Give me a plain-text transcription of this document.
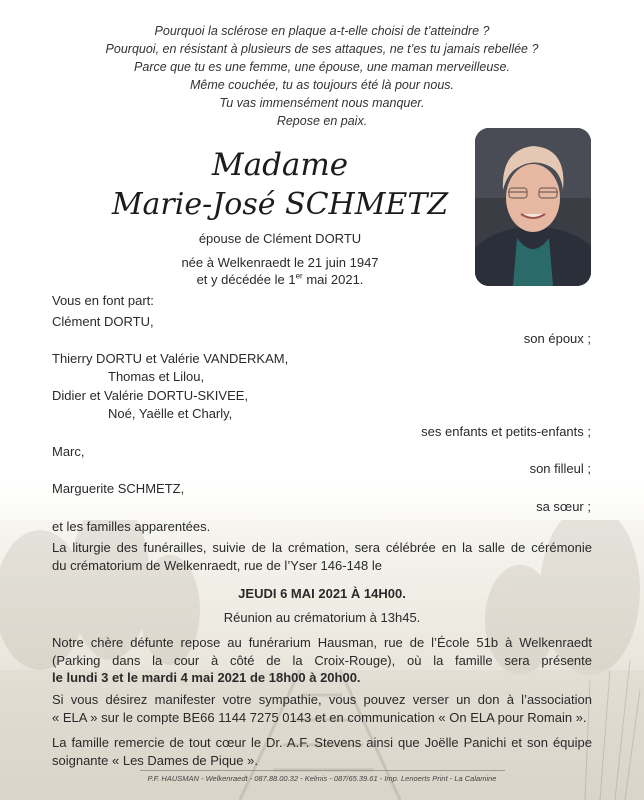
Pourquoi la sclérose en plaque a-t-elle choisi de t’atteindre ?
Pourquoi, en résistant à plusieurs de ses attaques, ne t’es tu jamais rebellée ?
Parce que tu es une femme, une épouse, une maman merveilleuse.
Même couchée, tu as toujours été là pour nous.
Tu vas immensément nous manquer.
Repose en paix.
Madame
Marie-José SCHMETZ
épouse de Clément DORTU
née à Welkenraedt le 21 juin 1947
et y décédée le 1er mai 2021.
Vous en font part:
Clément DORTU,
son époux ;
Thierry DORTU et Valérie VANDERKAM,
Thomas et Lilou,
Didier et Valérie DORTU-SKIVEE,
Noé, Yaëlle et Charly,
ses enfants et petits-enfants ;
Marc,
son filleul ;
Marguerite SCHMETZ,
sa sœur ;
et les familles apparentées.
La liturgie des funérailles, suivie de la crémation, sera célébrée en la salle de cérémonie
du crématorium de Welkenraedt, rue de l’Yser 146-148 le
JEUDI 6 MAI 2021 À 14H00.
Réunion au crématorium à 13h45.
Notre chère défunte repose au funérarium Hausman, rue de l’École 51b à Welkenraedt
(Parking dans la cour à côté de la Croix-Rouge), où la famille sera présente
le lundi 3 et le mardi 4 mai 2021 de 18h00 à 20h00.
Si vous désirez manifester votre sympathie, vous pouvez verser un don à l’association
« ELA » sur le compte BE66 1144 7275 0143 et en communication « On ELA pour Romain ».
La famille remercie de tout cœur le Dr. A.F. Stevens ainsi que Joëlle Panichi et son équipe
soignante « Les Dames de Pique ».
P.F. HAUSMAN - Welkenraedt - 087.88.00.32 - Kelmis - 087/65.39.61 - Imp. Lenoerts Print - La Calamine
